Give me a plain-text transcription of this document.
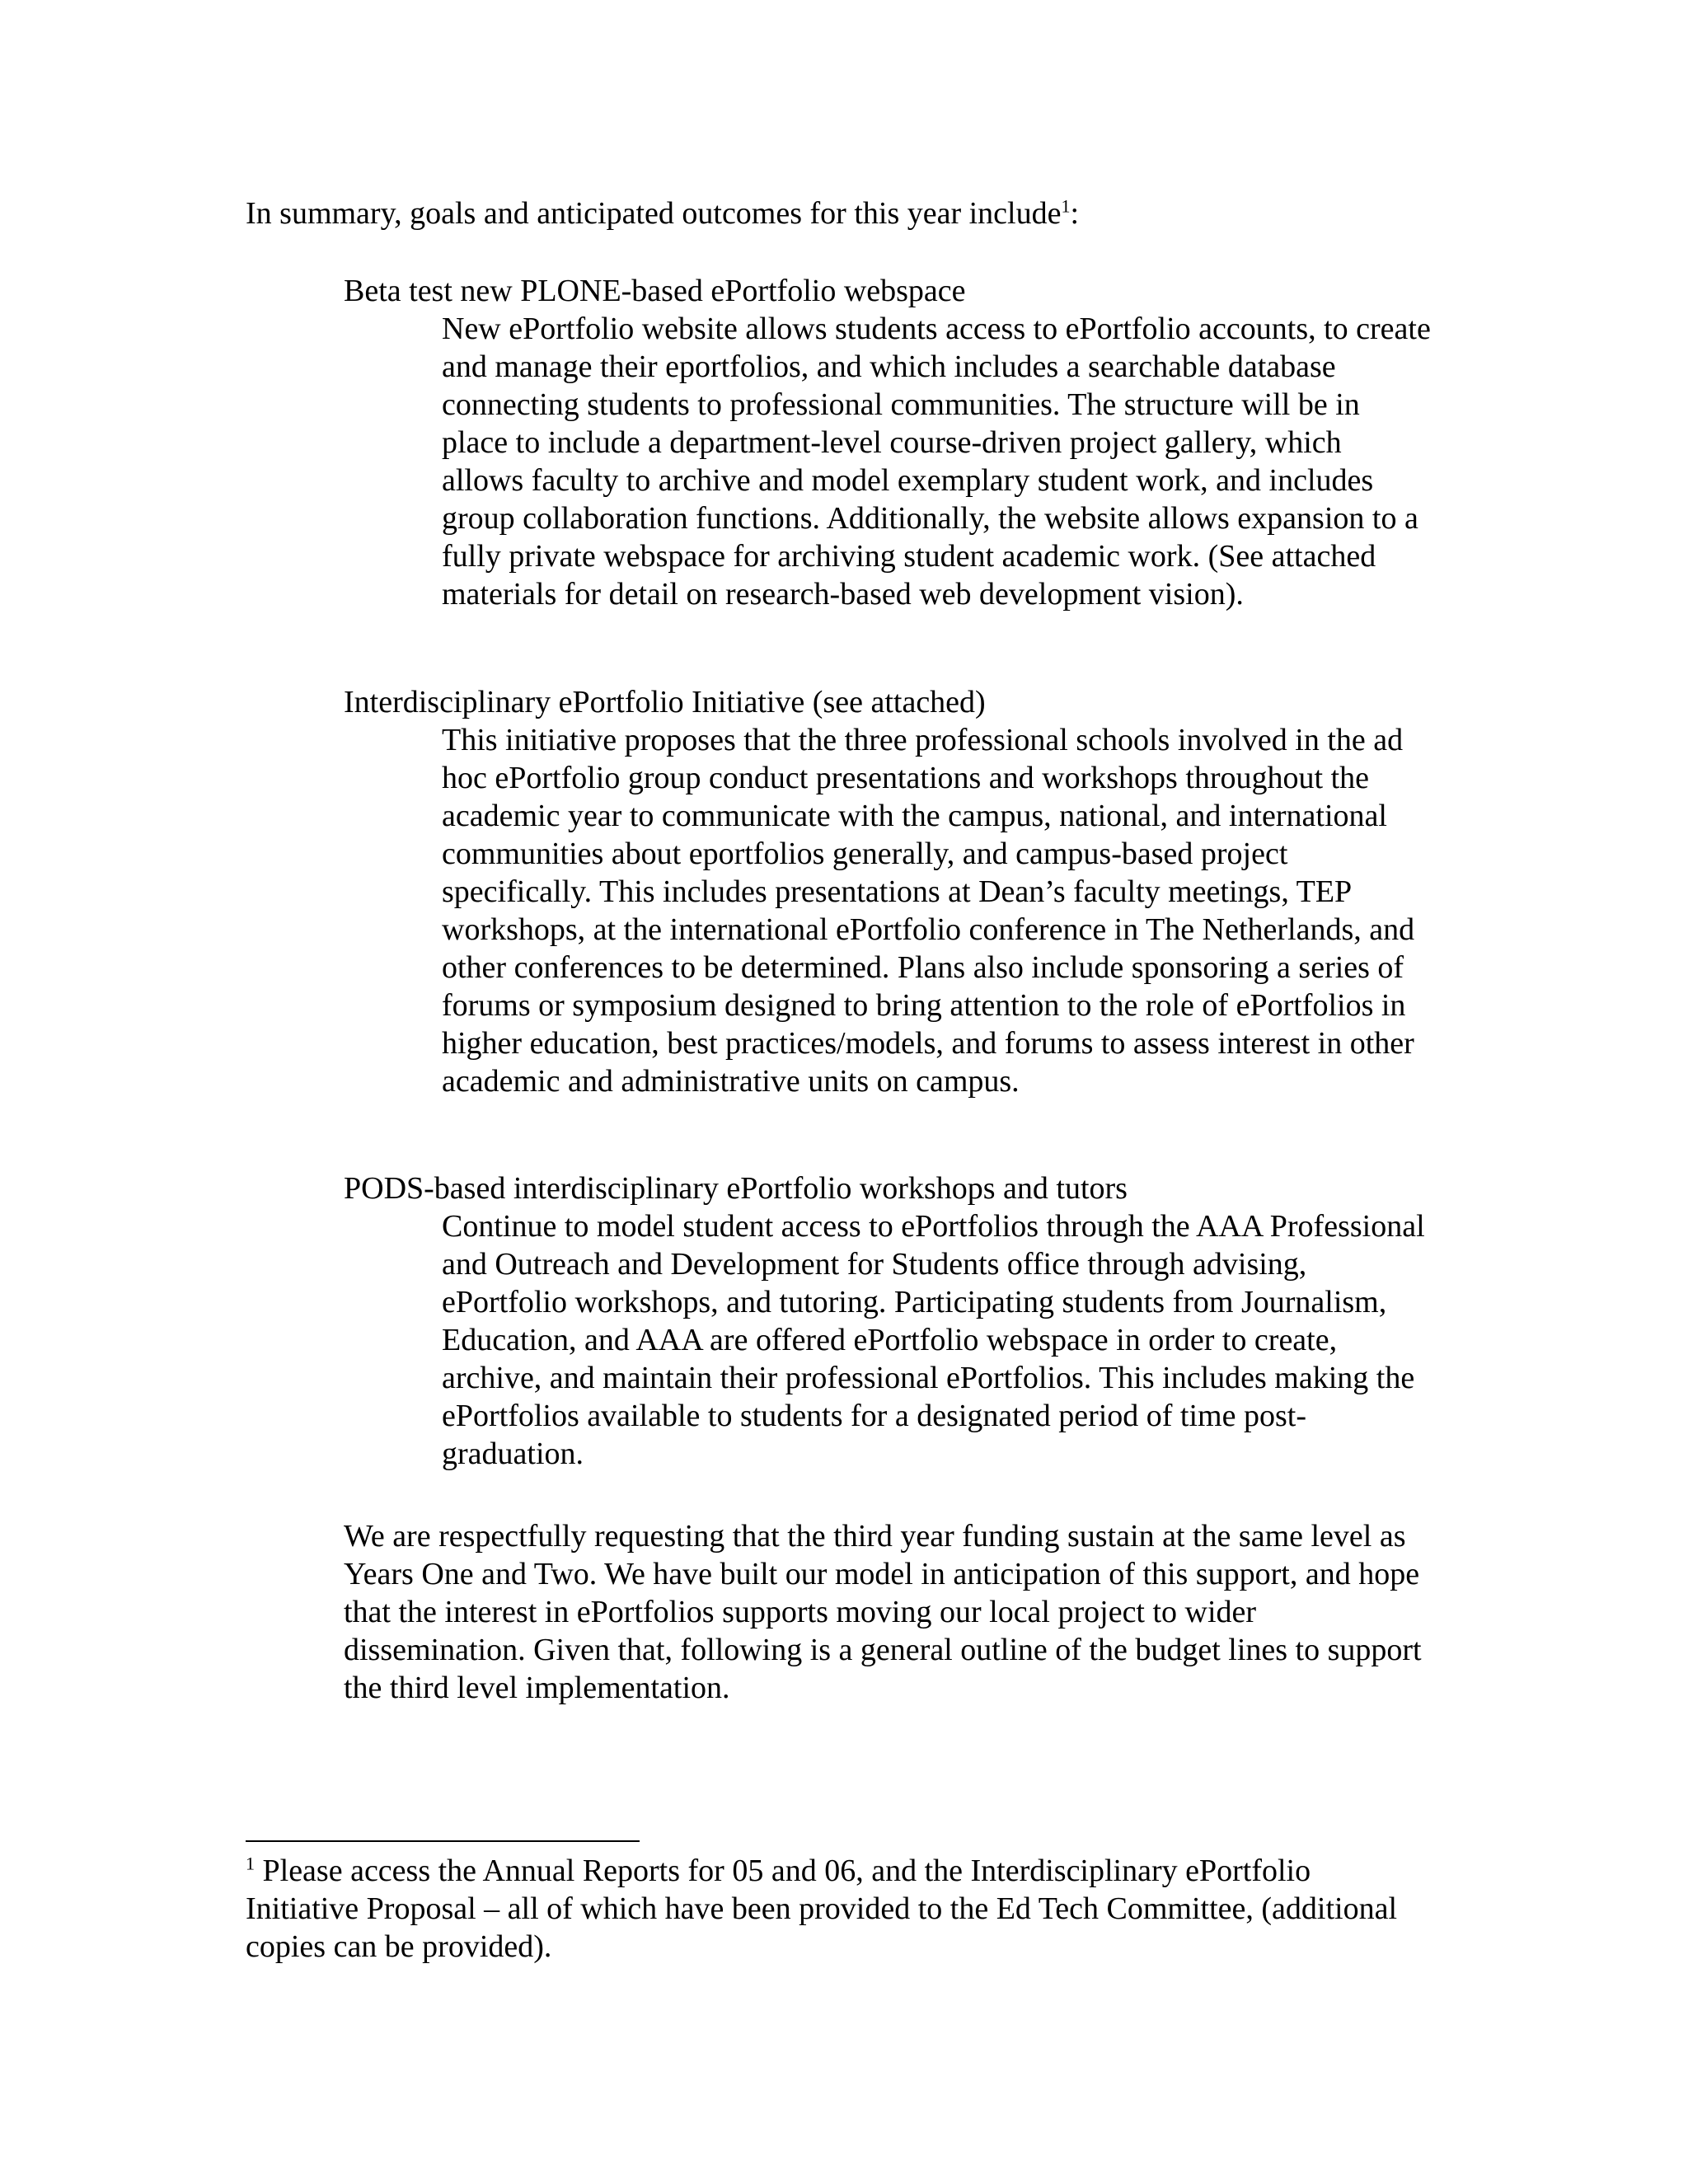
In summary, goals and anticipated outcomes for this year include$^1$:
Beta test new PLONE-based ePortfolio webspace
New ePortfolio website allows students access to ePortfolio accounts, to create and manage their eportfolios, and which includes a searchable database connecting students to professional communities. The structure will be in place to include a department-level course-driven project gallery, which allows faculty to archive and model exemplary student work, and includes group collaboration functions. Additionally, the website allows expansion to a fully private webspace for archiving student academic work. (See attached materials for detail on research-based web development vision).
Interdisciplinary ePortfolio Initiative (see attached)
This initiative proposes that the three professional schools involved in the ad hoc ePortfolio group conduct presentations and workshops throughout the academic year to communicate with the campus, national, and international communities about eportfolios generally, and campus-based project specifically. This includes presentations at Dean’s faculty meetings, TEP workshops, at the international ePortfolio conference in The Netherlands, and other conferences to be determined. Plans also include sponsoring a series of forums or symposium designed to bring attention to the role of ePortfolios in higher education, best practices/models, and forums to assess interest in other academic and administrative units on campus.
PODS-based interdisciplinary ePortfolio workshops and tutors
Continue to model student access to ePortfolios through the AAA Professional and Outreach and Development for Students office through advising, ePortfolio workshops, and tutoring. Participating students from Journalism, Education, and AAA are offered ePortfolio webspace in order to create, archive, and maintain their professional ePortfolios. This includes making the ePortfolios available to students for a designated period of time post-graduation.
We are respectfully requesting that the third year funding sustain at the same level as Years One and Two. We have built our model in anticipation of this support, and hope that the interest in ePortfolios supports moving our local project to wider dissemination. Given that, following is a general outline of the budget lines to support the third level implementation.
$^1$ Please access the Annual Reports for 05 and 06, and the Interdisciplinary ePortfolio Initiative Proposal – all of which have been provided to the Ed Tech Committee, (additional copies can be provided).
